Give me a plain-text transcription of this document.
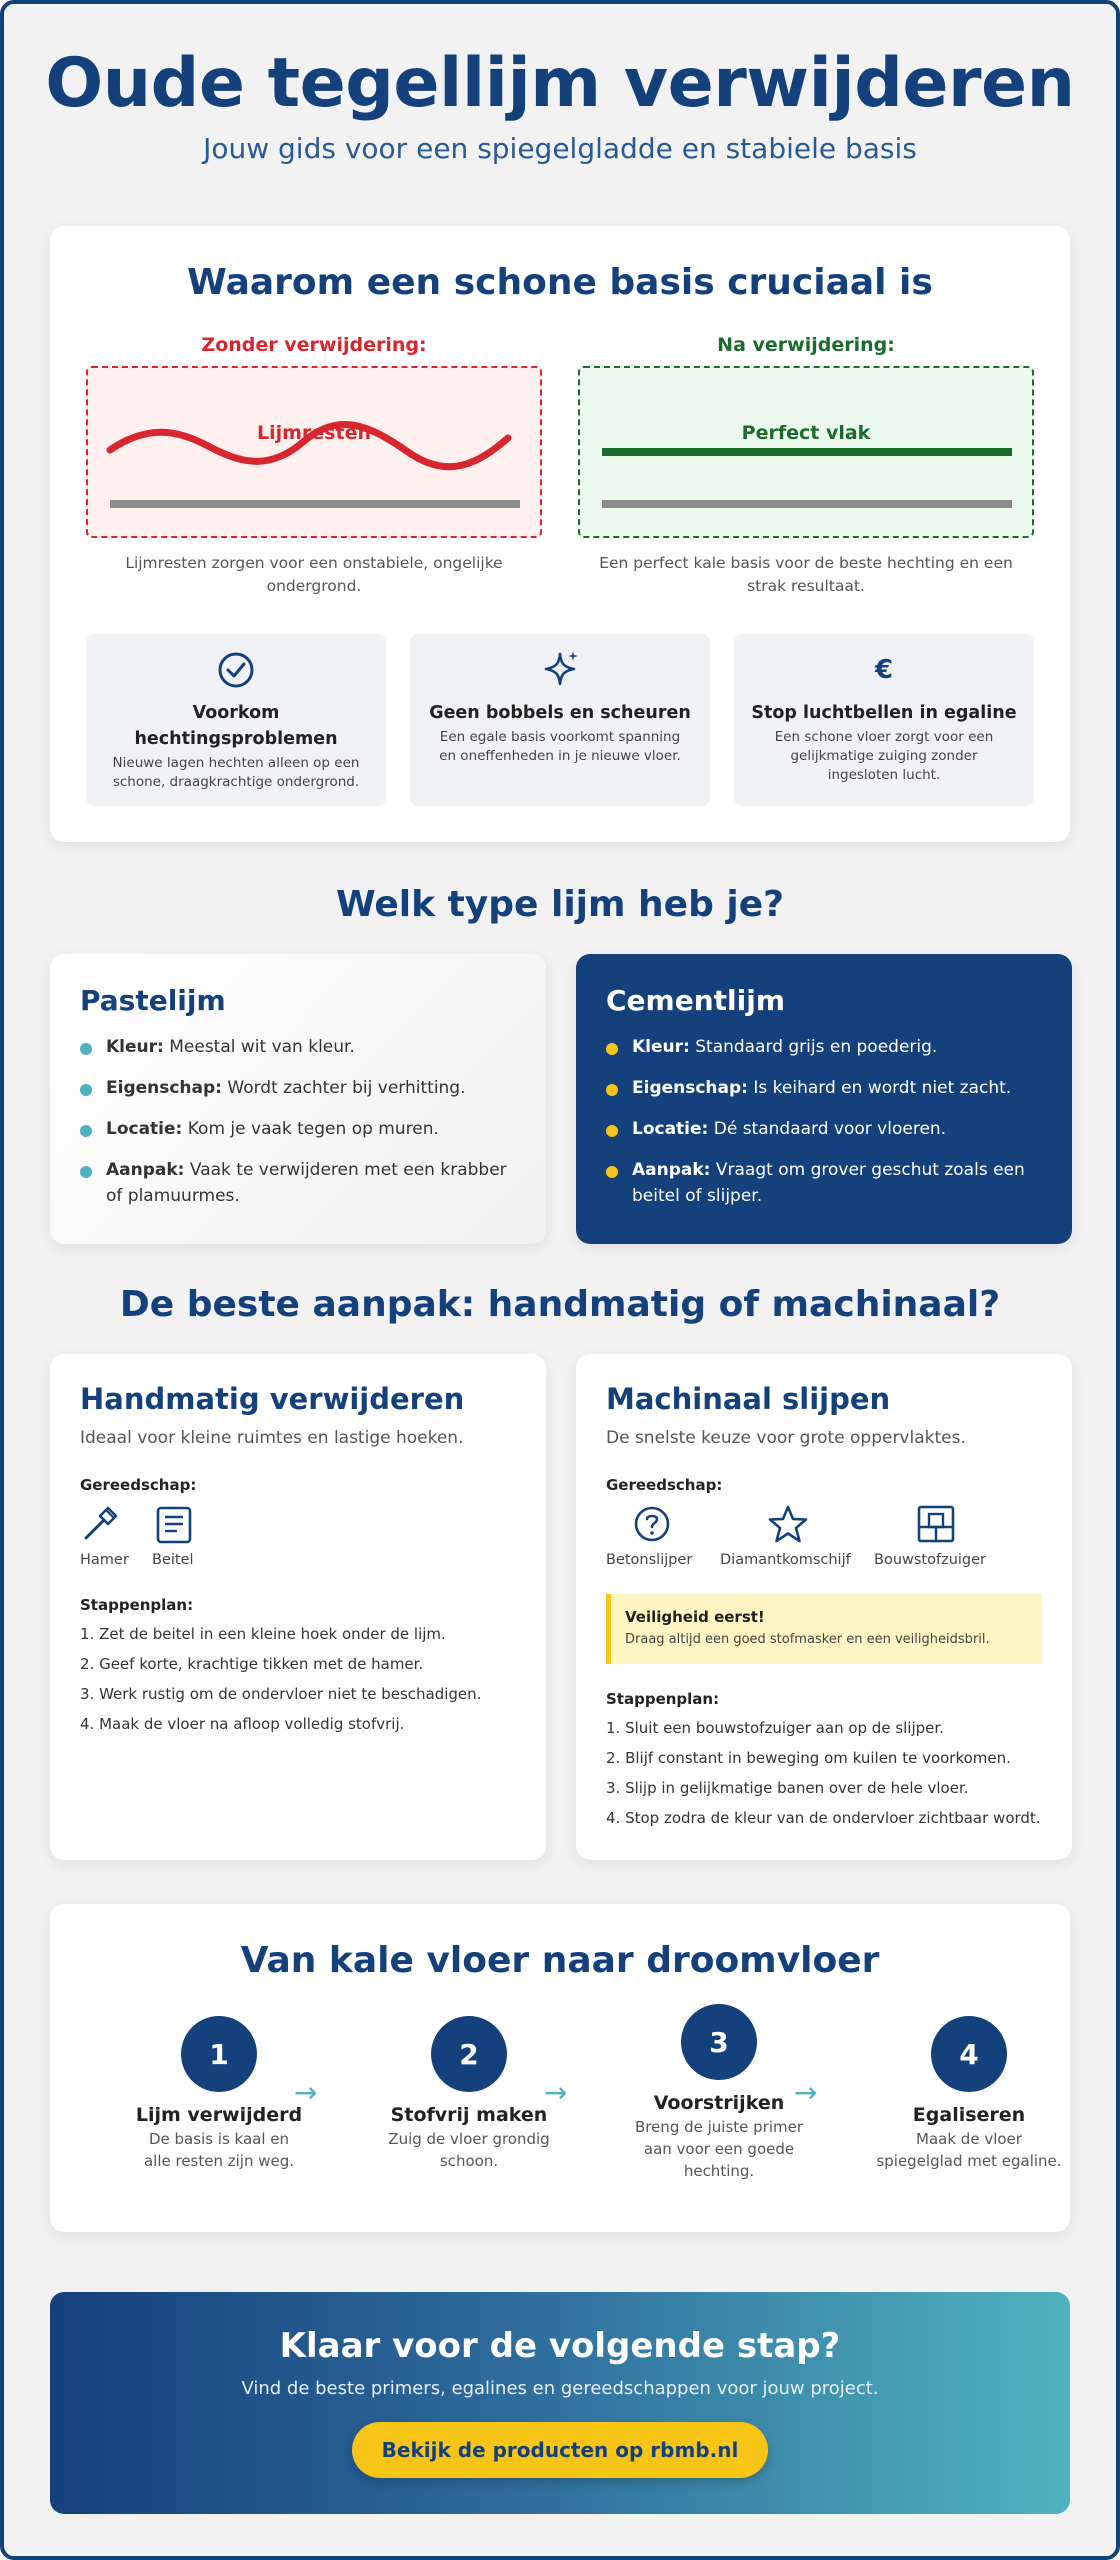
Oude tegellijm verwijderen
Jouw gids voor een spiegelgladde en stabiele basis
Waarom een schone basis cruciaal is
Zonder verwijdering:
Lijmresten
Lijmresten zorgen voor een onstabiele, ongelijke ondergrond.
Na verwijdering:
Perfect vlak
Een perfect kale basis voor de beste hechting en een strak resultaat.
Voorkom hechtingsproblemen
Nieuwe lagen hechten alleen op een schone, draagkrachtige ondergrond.
Geen bobbels en scheuren
Een egale basis voorkomt spanning en oneffenheden in je nieuwe vloer.
€
Stop luchtbellen in egaline
Een schone vloer zorgt voor een gelijkmatige zuiging zonder ingesloten lucht.
Welk type lijm heb je?
Pastelijm
Kleur: Meestal wit van kleur.
Eigenschap: Wordt zachter bij verhitting.
Locatie: Kom je vaak tegen op muren.
Aanpak: Vaak te verwijderen met een krabber of plamuurmes.
Cementlijm
Kleur: Standaard grijs en poederig.
Eigenschap: Is keihard en wordt niet zacht.
Locatie: Dé standaard voor vloeren.
Aanpak: Vraagt om grover geschut zoals een beitel of slijper.
De beste aanpak: handmatig of machinaal?
Handmatig verwijderen
Ideaal voor kleine ruimtes en lastige hoeken.
Gereedschap:
Hamer Beitel
Stappenplan:
1. Zet de beitel in een kleine hoek onder de lijm.
2. Geef korte, krachtige tikken met de hamer.
3. Werk rustig om de ondervloer niet te beschadigen.
4. Maak de vloer na afloop volledig stofvrij.
Machinaal slijpen
De snelste keuze voor grote oppervlaktes.
Gereedschap:
Betonslijper Diamantkomschijf Bouwstofzuiger
Veiligheid eerst!
Draag altijd een goed stofmasker en een veiligheidsbril.
Stappenplan:
1. Sluit een bouwstofzuiger aan op de slijper.
2. Blijf constant in beweging om kuilen te voorkomen.
3. Slijp in gelijkmatige banen over de hele vloer.
4. Stop zodra de kleur van de ondervloer zichtbaar wordt.
Van kale vloer naar droomvloer
1
Lijm verwijderd
De basis is kaal en alle resten zijn weg.
→
2
Stofvrij maken
Zuig de vloer grondig schoon.
→
3
Voorstrijken
Breng de juiste primer aan voor een goede hechting.
→
4
Egaliseren
Maak de vloer spiegelglad met egaline.
Klaar voor de volgende stap?
Vind de beste primers, egalines en gereedschappen voor jouw project.
Bekijk de producten op rbmb.nl
